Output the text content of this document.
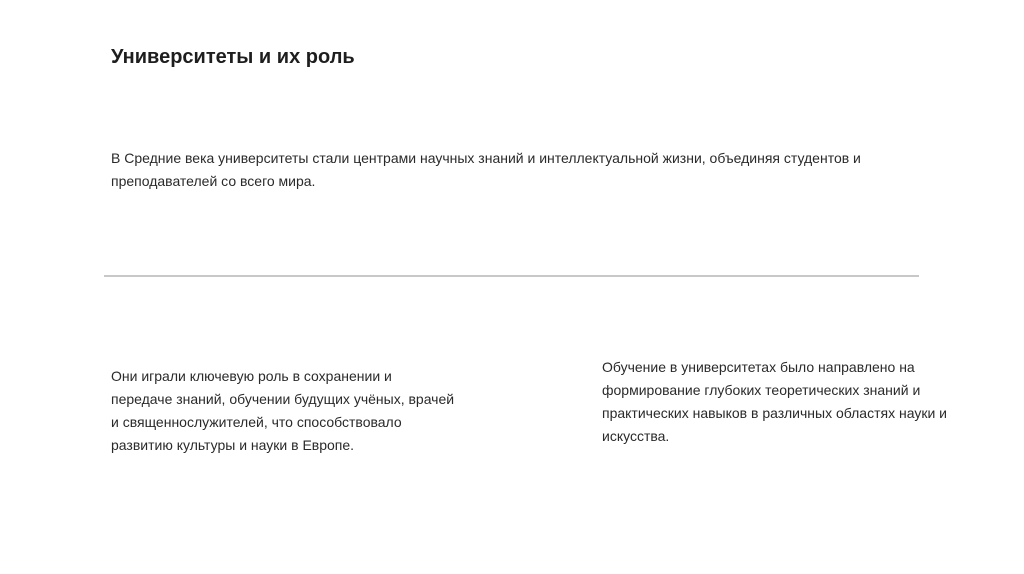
Университеты и их роль
В Средние века университеты стали центрами научных знаний и интеллектуальной жизни, объединяя студентов и преподавателей со всего мира.
Они играли ключевую роль в сохранении и передаче знаний, обучении будущих учёных, врачей и священнослужителей, что способствовало развитию культуры и науки в Европе.
Обучение в университетах было направлено на формирование глубоких теоретических знаний и практических навыков в различных областях науки и искусства.
